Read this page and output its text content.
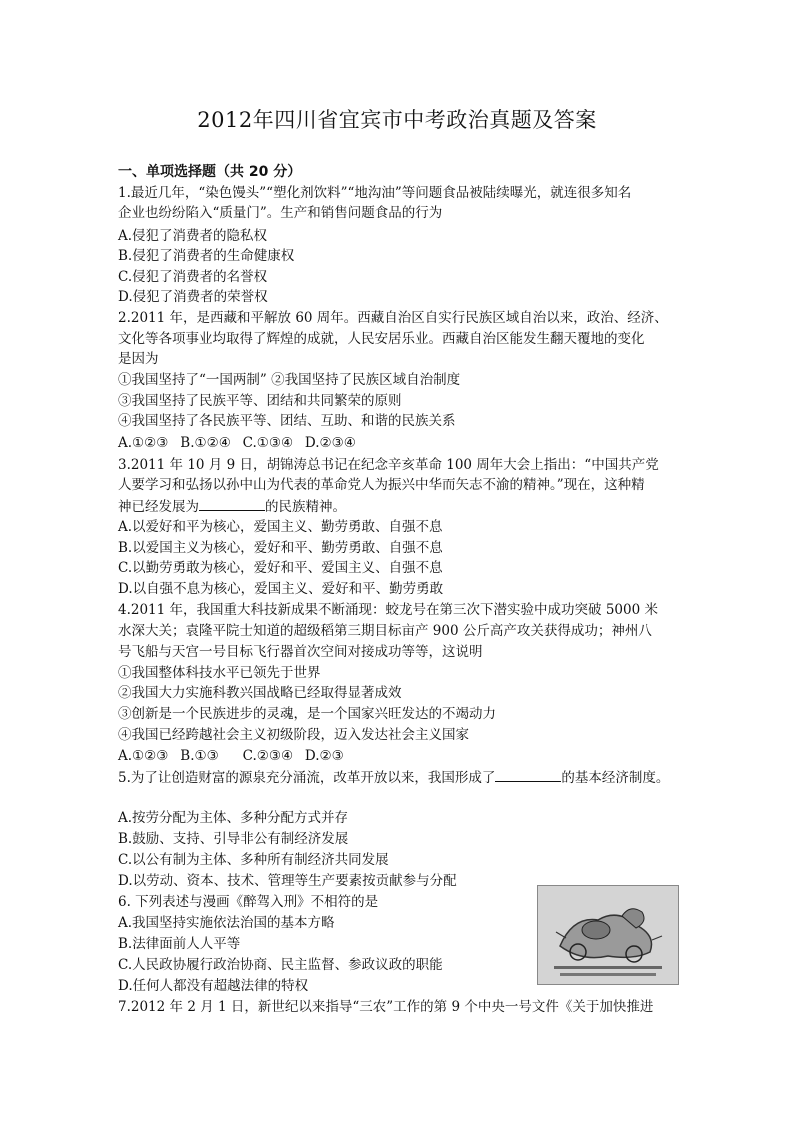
2012年四川省宜宾市中考政治真题及答案
一、单项选择题（共 20 分）
1.最近几年，“染色馒头”“塑化剂饮料”“地沟油”等问题食品被陆续曝光，就连很多知名
企业也纷纷陷入“质量门”。生产和销售问题食品的行为
A.侵犯了消费者的隐私权
B.侵犯了消费者的生命健康权
C.侵犯了消费者的名誉权
D.侵犯了消费者的荣誉权
2.2011 年，是西藏和平解放 60 周年。西藏自治区自实行民族区域自治以来，政治、经济、
文化等各项事业均取得了辉煌的成就，人民安居乐业。西藏自治区能发生翻天覆地的变化
是因为
①我国坚持了“一国两制” ②我国坚持了民族区域自治制度
③我国坚持了民族平等、团结和共同繁荣的原则
④我国坚持了各民族平等、团结、互助、和谐的民族关系
A.①②③ B.①②④ C.①③④ D.②③④
3.2011 年 10 月 9 日，胡锦涛总书记在纪念辛亥革命 100 周年大会上指出：“中国共产党
人要学习和弘扬以孙中山为代表的革命党人为振兴中华而矢志不渝的精神。”现在，这种精
神已经发展为	的民族精神。
A.以爱好和平为核心，爱国主义、勤劳勇敢、自强不息
B.以爱国主义为核心，爱好和平、勤劳勇敢、自强不息
C.以勤劳勇敢为核心，爱好和平、爱国主义、自强不息
D.以自强不息为核心，爱国主义、爱好和平、勤劳勇敢
4.2011 年，我国重大科技新成果不断涌现：蛟龙号在第三次下潜实验中成功突破 5000 米
水深大关；袁隆平院士知道的超级稻第三期目标亩产 900 公斤高产攻关获得成功；神州八
号飞船与天宫一号目标飞行器首次空间对接成功等等，这说明
①我国整体科技水平已领先于世界
②我国大力实施科教兴国战略已经取得显著成效
③创新是一个民族进步的灵魂，是一个国家兴旺发达的不竭动力
④我国已经跨越社会主义初级阶段，迈入发达社会主义国家
A.①②③ B.①③ C.②③④ D.②③
5.为了让创造财富的源泉充分涌流，改革开放以来，我国形成了	的基本经济制度。
A.按劳分配为主体、多种分配方式并存
B.鼓励、支持、引导非公有制经济发展
C.以公有制为主体、多种所有制经济共同发展
D.以劳动、资本、技术、管理等生产要素按贡献参与分配
6. 下列表述与漫画《醉驾入刑》不相符的是
A.我国坚持实施依法治国的基本方略
B.法律面前人人平等
C.人民政协履行政治协商、民主监督、参政议政的职能
D.任何人都没有超越法律的特权
7.2012 年 2 月 1 日，新世纪以来指导“三农”工作的第 9 个中央一号文件《关于加快推进
